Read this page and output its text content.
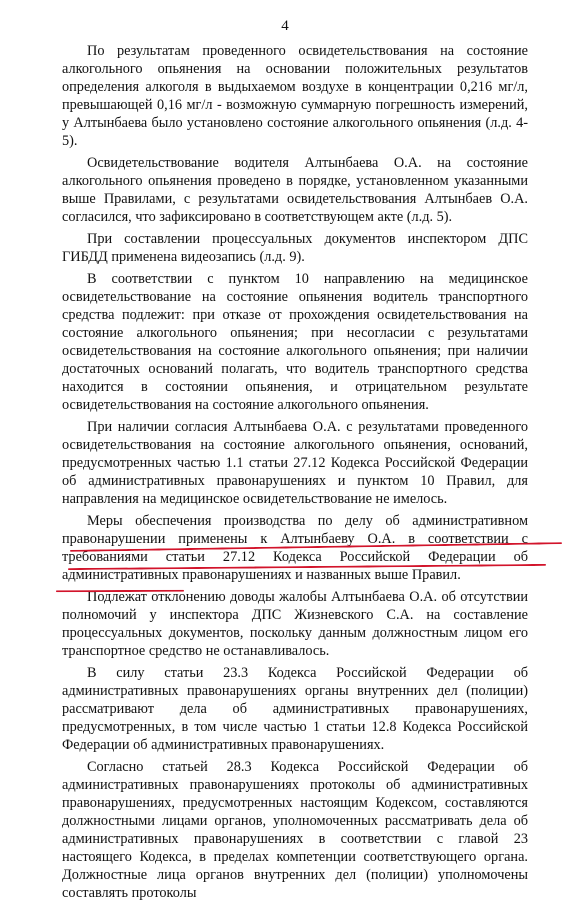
4

По результатам проведенного освидетельствования на состояние алкогольного опьянения на основании положительных результатов определения алкоголя в выдыхаемом воздухе в концентрации 0,216 мг/л, превышающей 0,16 мг/л - возможную суммарную погрешность измерений, у Алтынбаева было установлено состояние алкогольного опьянения (л.д. 4-5).

Освидетельствование водителя Алтынбаева О.А. на состояние алкогольного опьянения проведено в порядке, установленном указанными выше Правилами, с результатами освидетельствования Алтынбаев О.А. согласился, что зафиксировано в соответствующем акте (л.д. 5).

При составлении процессуальных документов инспектором ДПС ГИБДД применена видеозапись (л.д. 9).

В соответствии с пунктом 10 направлению на медицинское освидетельствование на состояние опьянения водитель транспортного средства подлежит: при отказе от прохождения освидетельствования на состояние алкогольного опьянения; при несогласии с результатами освидетельствования на состояние алкогольного опьянения; при наличии достаточных оснований полагать, что водитель транспортного средства находится в состоянии опьянения, и отрицательном результате освидетельствования на состояние алкогольного опьянения.

При наличии согласия Алтынбаева О.А. с результатами проведенного освидетельствования на состояние алкогольного опьянения, оснований, предусмотренных частью 1.1 статьи 27.12 Кодекса Российской Федерации об административных правонарушениях и пунктом 10 Правил, для направления на медицинское освидетельствование не имелось.

Меры обеспечения производства по делу об административном правонарушении применены к Алтынбаеву О.А. в соответствии с требованиями статьи 27.12 Кодекса Российской Федерации об административных правонарушениях и названных выше Правил.

Подлежат отклонению доводы жалобы Алтынбаева О.А. об отсутствии полномочий у инспектора ДПС Жизневского С.А. на составление процессуальных документов, поскольку данным должностным лицом его транспортное средство не останавливалось.

В силу статьи 23.3 Кодекса Российской Федерации об административных правонарушениях органы внутренних дел (полиции) рассматривают дела об административных правонарушениях, предусмотренных, в том числе частью 1 статьи 12.8 Кодекса Российской Федерации об административных правонарушениях.

Согласно статьей 28.3 Кодекса Российской Федерации об административных правонарушениях протоколы об административных правонарушениях, предусмотренных настоящим Кодексом, составляются должностными лицами органов, уполномоченных рассматривать дела об административных правонарушениях в соответствии с главой 23 настоящего Кодекса, в пределах компетенции соответствующего органа. Должностные лица органов внутренних дел (полиции) уполномочены составлять протоколы
